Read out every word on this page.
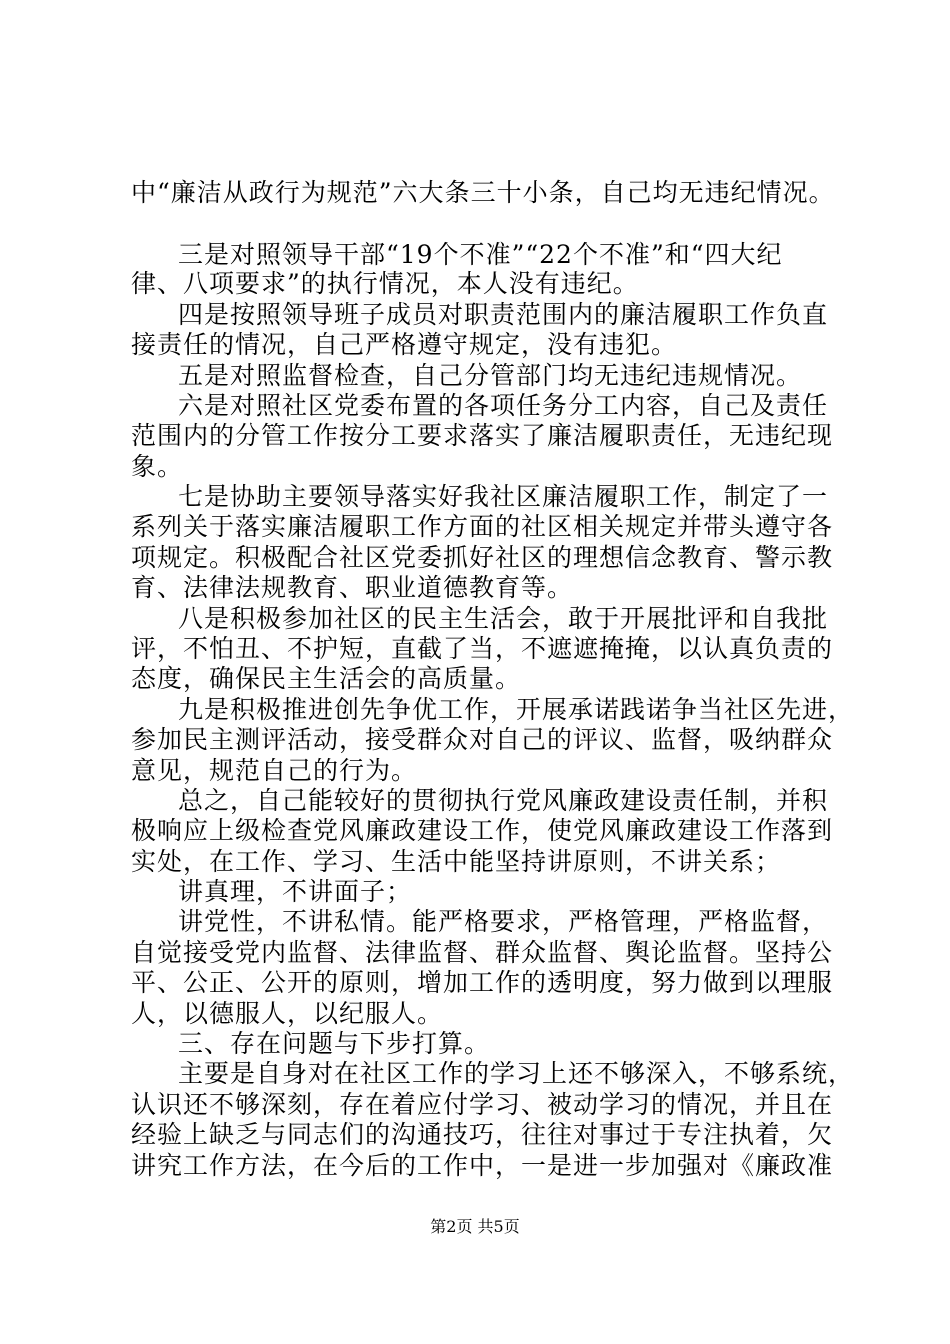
中“廉洁从政行为规范”六大条三十小条，自己均无违纪情况。
三是对照领导干部“19个不准”“22个不准”和“四大纪
律、八项要求”的执行情况，本人没有违纪。
四是按照领导班子成员对职责范围内的廉洁履职工作负直
接责任的情况，自己严格遵守规定，没有违犯。
五是对照监督检查，自己分管部门均无违纪违规情况。
六是对照社区党委布置的各项任务分工内容，自己及责任
范围内的分管工作按分工要求落实了廉洁履职责任，无违纪现
象。
七是协助主要领导落实好我社区廉洁履职工作，制定了一
系列关于落实廉洁履职工作方面的社区相关规定并带头遵守各
项规定。积极配合社区党委抓好社区的理想信念教育、警示教
育、法律法规教育、职业道德教育等。
八是积极参加社区的民主生活会，敢于开展批评和自我批
评，不怕丑、不护短，直截了当，不遮遮掩掩，以认真负责的
态度，确保民主生活会的高质量。
九是积极推进创先争优工作，开展承诺践诺争当社区先进，
参加民主测评活动，接受群众对自己的评议、监督，吸纳群众
意见，规范自己的行为。
总之，自己能较好的贯彻执行党风廉政建设责任制，并积
极响应上级检查党风廉政建设工作，使党风廉政建设工作落到
实处，在工作、学习、生活中能坚持讲原则，不讲关系；
讲真理，不讲面子；
讲党性，不讲私情。能严格要求，严格管理，严格监督，
自觉接受党内监督、法律监督、群众监督、舆论监督。坚持公
平、公正、公开的原则，增加工作的透明度，努力做到以理服
人，以德服人，以纪服人。
三、存在问题与下步打算。
主要是自身对在社区工作的学习上还不够深入，不够系统，
认识还不够深刻，存在着应付学习、被动学习的情况，并且在
经验上缺乏与同志们的沟通技巧，往往对事过于专注执着，欠
讲究工作方法，在今后的工作中，一是进一步加强对《廉政准
第2页 共5页
